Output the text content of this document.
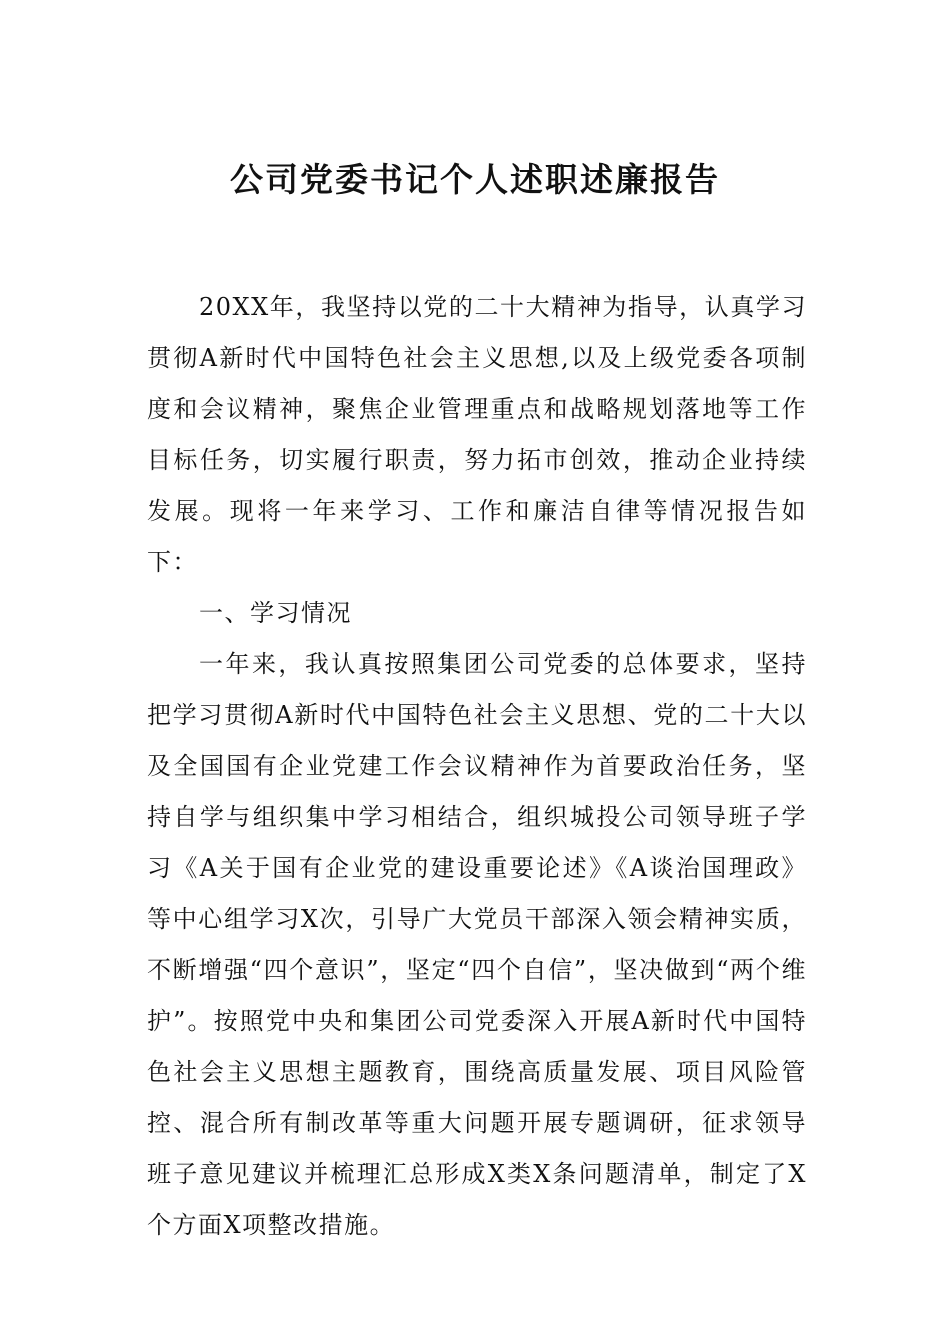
公司党委书记个人述职述廉报告

20XX年，我坚持以党的二十大精神为指导，认真学习贯彻A新时代中国特色社会主义思想,以及上级党委各项制度和会议精神，聚焦企业管理重点和战略规划落地等工作目标任务，切实履行职责，努力拓市创效，推动企业持续发展。现将一年来学习、工作和廉洁自律等情况报告如下：

一、学习情况

一年来，我认真按照集团公司党委的总体要求，坚持把学习贯彻A新时代中国特色社会主义思想、党的二十大以及全国国有企业党建工作会议精神作为首要政治任务，坚持自学与组织集中学习相结合，组织城投公司领导班子学习《A关于国有企业党的建设重要论述》《A谈治国理政》等中心组学习X次，引导广大党员干部深入领会精神实质，不断增强“四个意识”，坚定“四个自信”，坚决做到“两个维护”。按照党中央和集团公司党委深入开展A新时代中国特色社会主义思想主题教育，围绕高质量发展、项目风险管控、混合所有制改革等重大问题开展专题调研，征求领导班子意见建议并梳理汇总形成X类X条问题清单，制定了X个方面X项整改措施。
